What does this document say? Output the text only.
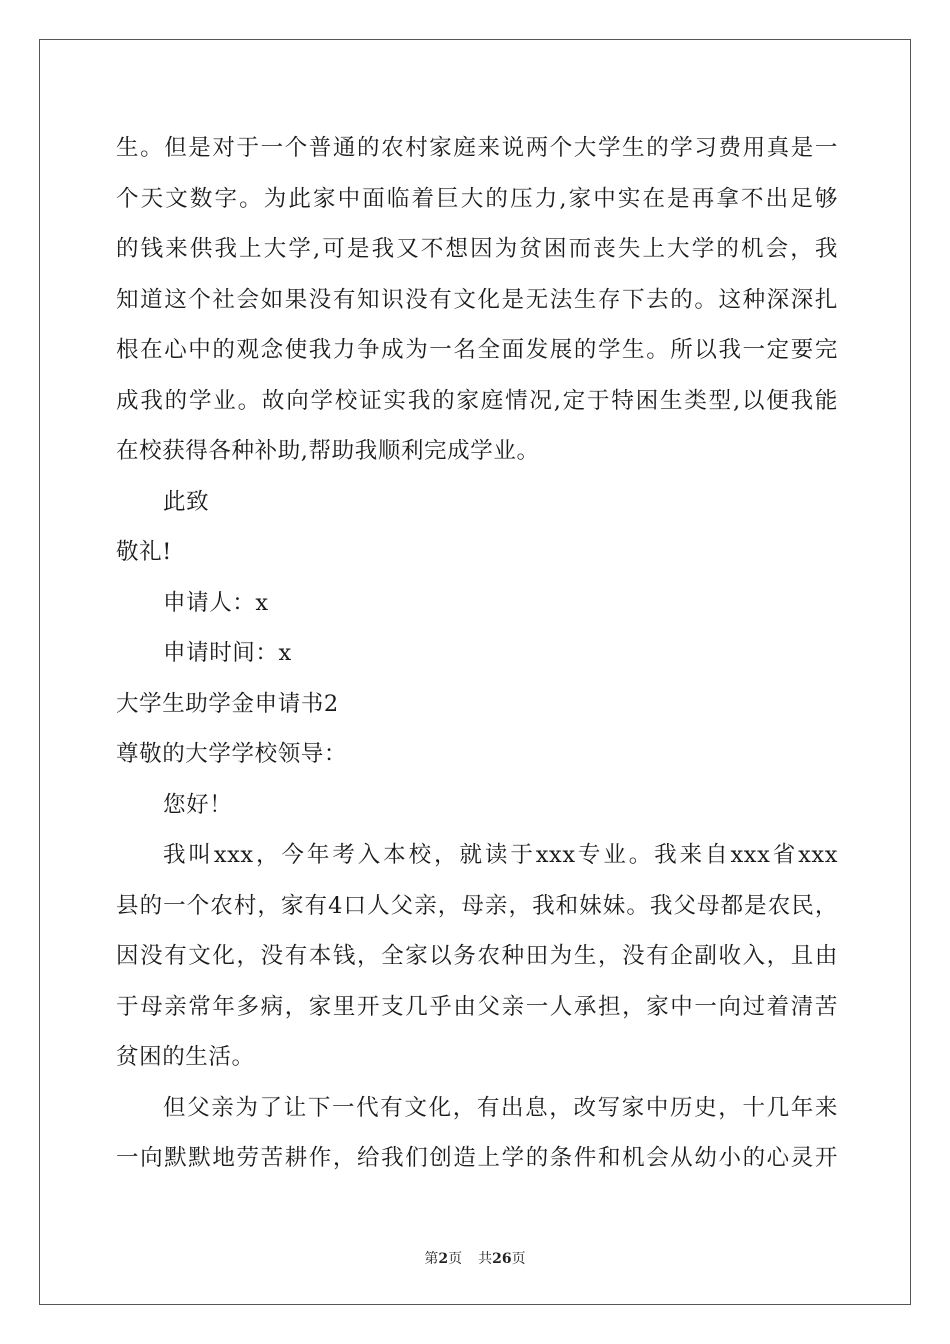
生。但是对于一个普通的农村家庭来说两个大学生的学习费用真是一
个天文数字。为此家中面临着巨大的压力,家中实在是再拿不出足够
的钱来供我上大学,可是我又不想因为贫困而丧失上大学的机会，我
知道这个社会如果没有知识没有文化是无法生存下去的。这种深深扎
根在心中的观念使我力争成为一名全面发展的学生。所以我一定要完
成我的学业。故向学校证实我的家庭情况,定于特困生类型,以便我能
在校获得各种补助,帮助我顺利完成学业。
此致
敬礼!
申请人：x
申请时间：x
大学生助学金申请书2
尊敬的大学学校领导：
您好！
我叫xxx，今年考入本校，就读于xxx专业。我来自xxx省xxx
县的一个农村，家有4口人父亲，母亲，我和妹妹。我父母都是农民，
因没有文化，没有本钱，全家以务农种田为生，没有企副收入，且由
于母亲常年多病，家里开支几乎由父亲一人承担，家中一向过着清苦
贫困的生活。
但父亲为了让下一代有文化，有出息，改写家中历史，十几年来
一向默默地劳苦耕作，给我们创造上学的条件和机会从幼小的心灵开
第2页 共26页
